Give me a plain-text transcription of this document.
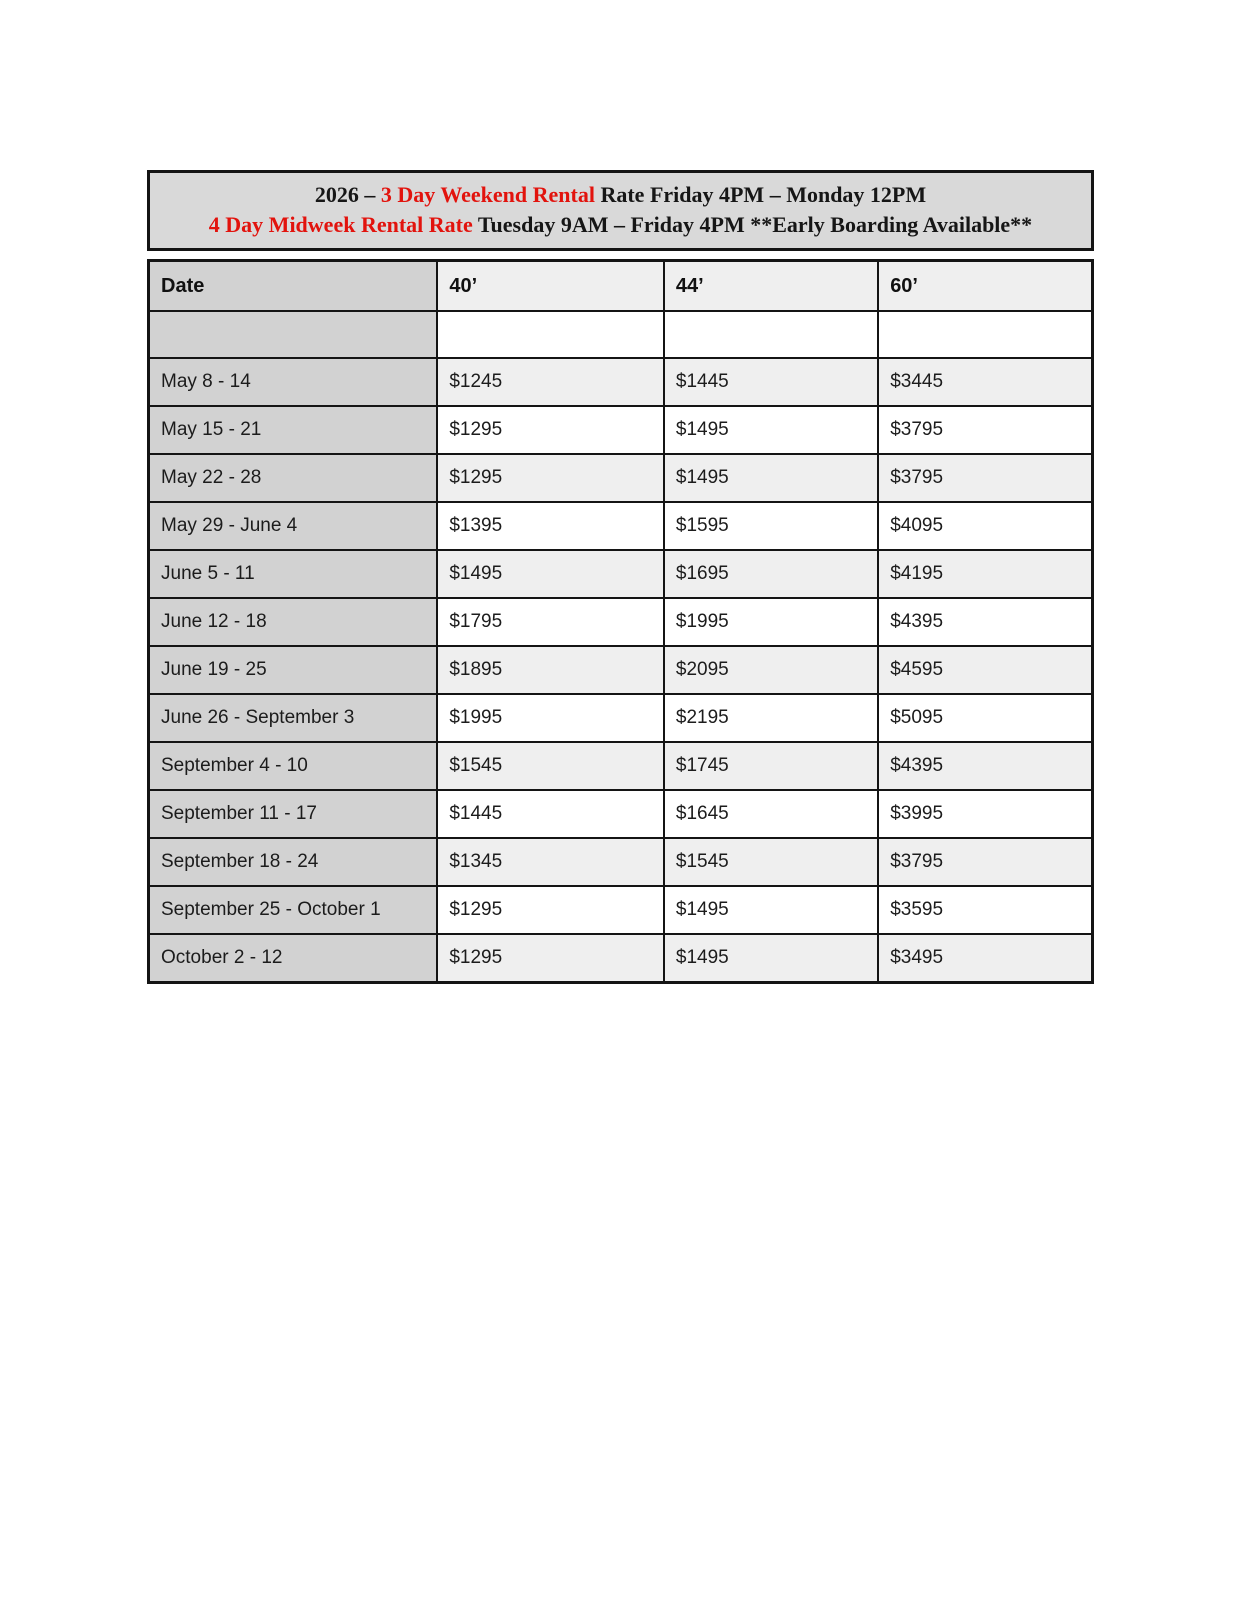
2026 – 3 Day Weekend Rental Rate Friday 4PM – Monday 12PM
4 Day Midweek Rental Rate Tuesday 9AM – Friday 4PM **Early Boarding Available**
Date	40’	44’	60’

May 8 - 14	$1245	$1445	$3445
May 15 - 21	$1295	$1495	$3795
May 22 - 28	$1295	$1495	$3795
May 29 - June 4	$1395	$1595	$4095
June 5 - 11	$1495	$1695	$4195
June 12 - 18	$1795	$1995	$4395
June 19 - 25	$1895	$2095	$4595
June 26 - September 3	$1995	$2195	$5095
September 4 - 10	$1545	$1745	$4395
September 11 - 17	$1445	$1645	$3995
September 18 - 24	$1345	$1545	$3795
September 25 - October 1	$1295	$1495	$3595
October 2 - 12	$1295	$1495	$3495
